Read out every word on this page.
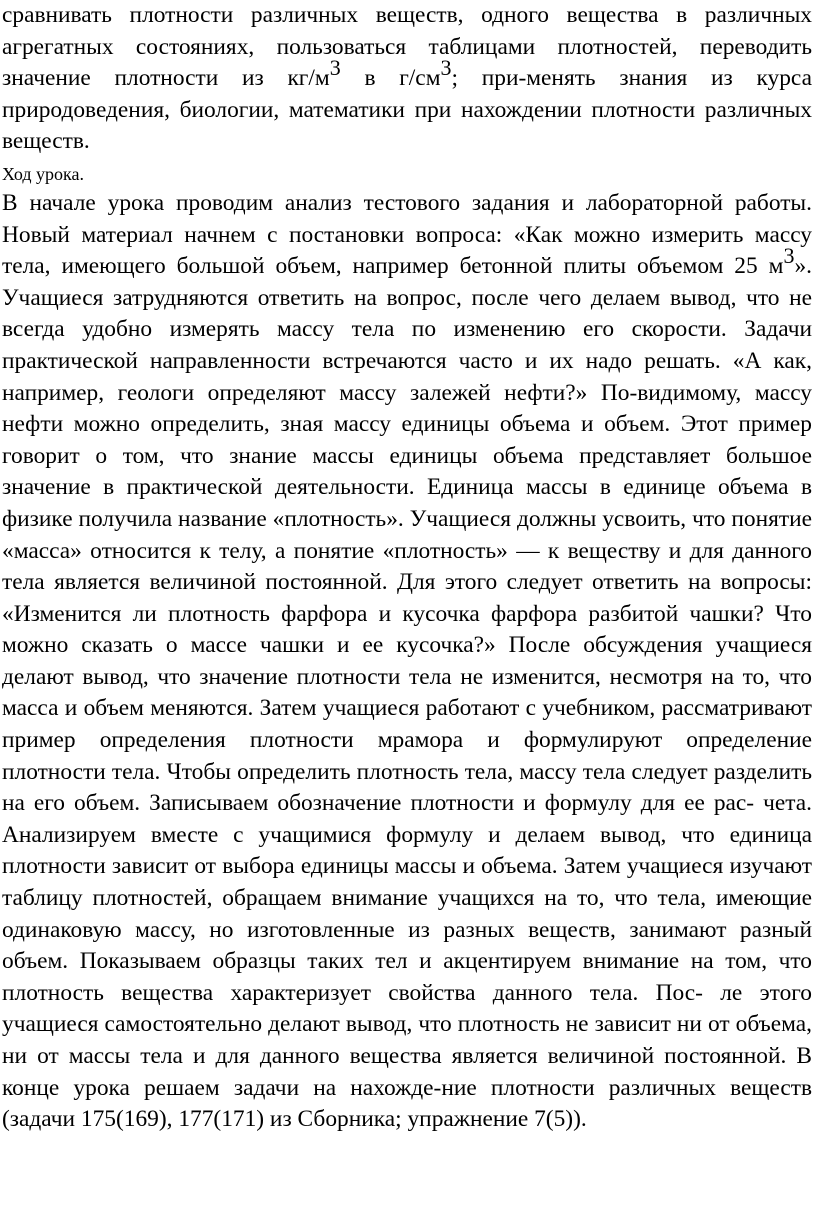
сравнивать плотности различных веществ, одного вещества в различных агрегатных состояниях, пользоваться таблицами плотностей, переводить значение плотности из $кг/м^3$ в $г/см^3$; при-менять знания из курса природоведения, биологии, математики при нахождении плотности различных веществ.

Ход урока.

В начале урока проводим анализ тестового задания и лабораторной работы. Новый материал начнем с постановки вопроса: «Как можно измерить массу тела, имеющего большой объем, например бетонной плиты объемом 25 $м^3$». Учащиеся затрудняются ответить на вопрос, после чего делаем вывод, что не всегда удобно измерять массу тела по изменению его скорости. Задачи практической направленности встречаются часто и их надо решать. «А как, например, геологи определяют массу залежей нефти?» По-видимому, массу нефти можно определить, зная массу единицы объема и объем. Этот пример говорит о том, что знание массы единицы объема представляет большое значение в практической деятельности. Единица массы в единице объема в физике получила название «плотность». Учащиеся должны усвоить, что понятие «масса» относится к телу, а понятие «плотность» — к веществу и для данного тела является величиной постоянной. Для этого следует ответить на вопросы: «Изменится ли плотность фарфора и кусочка фарфора разбитой чашки? Что можно сказать о массе чашки и ее кусочка?» После обсуждения учащиеся делают вывод, что значение плотности тела не изменится, несмотря на то, что масса и объем меняются. Затем учащиеся работают с учебником, рассматривают пример определения плотности мрамора и формулируют определение плотности тела. Чтобы определить плотность тела, массу тела следует разделить на его объем. Записываем обозначение плотности и формулу для ее рас- чета. Анализируем вместе с учащимися формулу и делаем вывод, что единица плотности зависит от выбора единицы массы и объема. Затем учащиеся изучают таблицу плотностей, обращаем внимание учащихся на то, что тела, имеющие одинаковую массу, но изготовленные из разных веществ, занимают разный объем. Показываем образцы таких тел и акцентируем внимание на том, что плотность вещества характеризует свойства данного тела. Пос- ле этого учащиеся самостоятельно делают вывод, что плотность не зависит ни от объема, ни от массы тела и для данного вещества является величиной постоянной. В конце урока решаем задачи на нахожде-ние плотности различных веществ (задачи 175(169), 177(171) из Сборника; упражнение 7(5)).
